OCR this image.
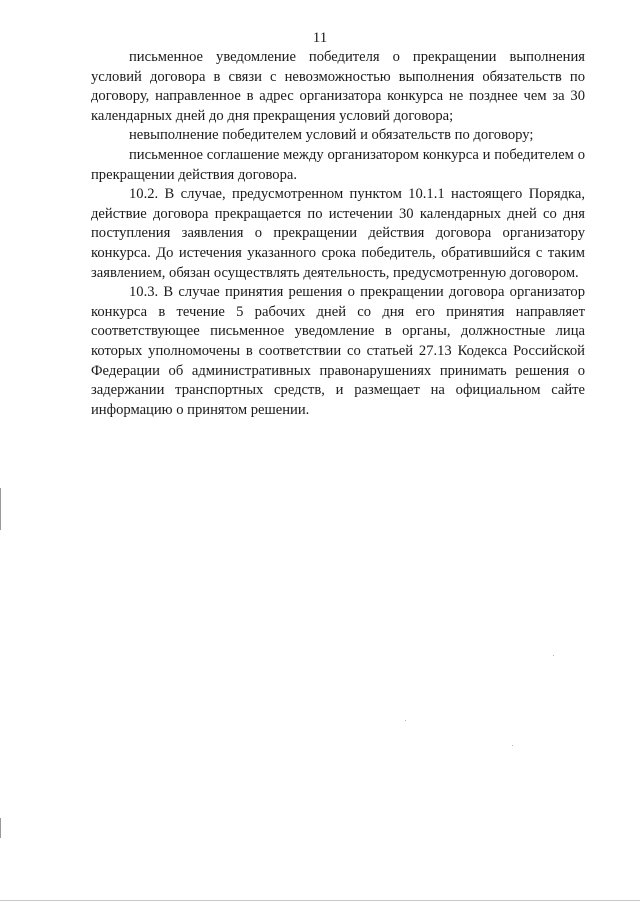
11

письменное уведомление победителя о прекращении выполнения условий договора в связи с невозможностью выполнения обязательств по договору, направленное в адрес организатора конкурса не позднее чем за 30 календарных дней до дня прекращения условий договора;

невыполнение победителем условий и обязательств по договору;

письменное соглашение между организатором конкурса и победителем о прекращении действия договора.

10.2. В случае, предусмотренном пунктом 10.1.1 настоящего Порядка, действие договора прекращается по истечении 30 календарных дней со дня поступления заявления о прекращении действия договора организатору конкурса. До истечения указанного срока победитель, обратившийся с таким заявлением, обязан осуществлять деятельность, предусмотренную договором.

10.3. В случае принятия решения о прекращении договора организатор конкурса в течение 5 рабочих дней со дня его принятия направляет соответствующее письменное уведомление в органы, должностные лица которых уполномочены в соответствии со статьей 27.13 Кодекса Российской Федерации об административных правонарушениях принимать решения о задержании транспортных средств, и размещает на официальном сайте информацию о принятом решении.
